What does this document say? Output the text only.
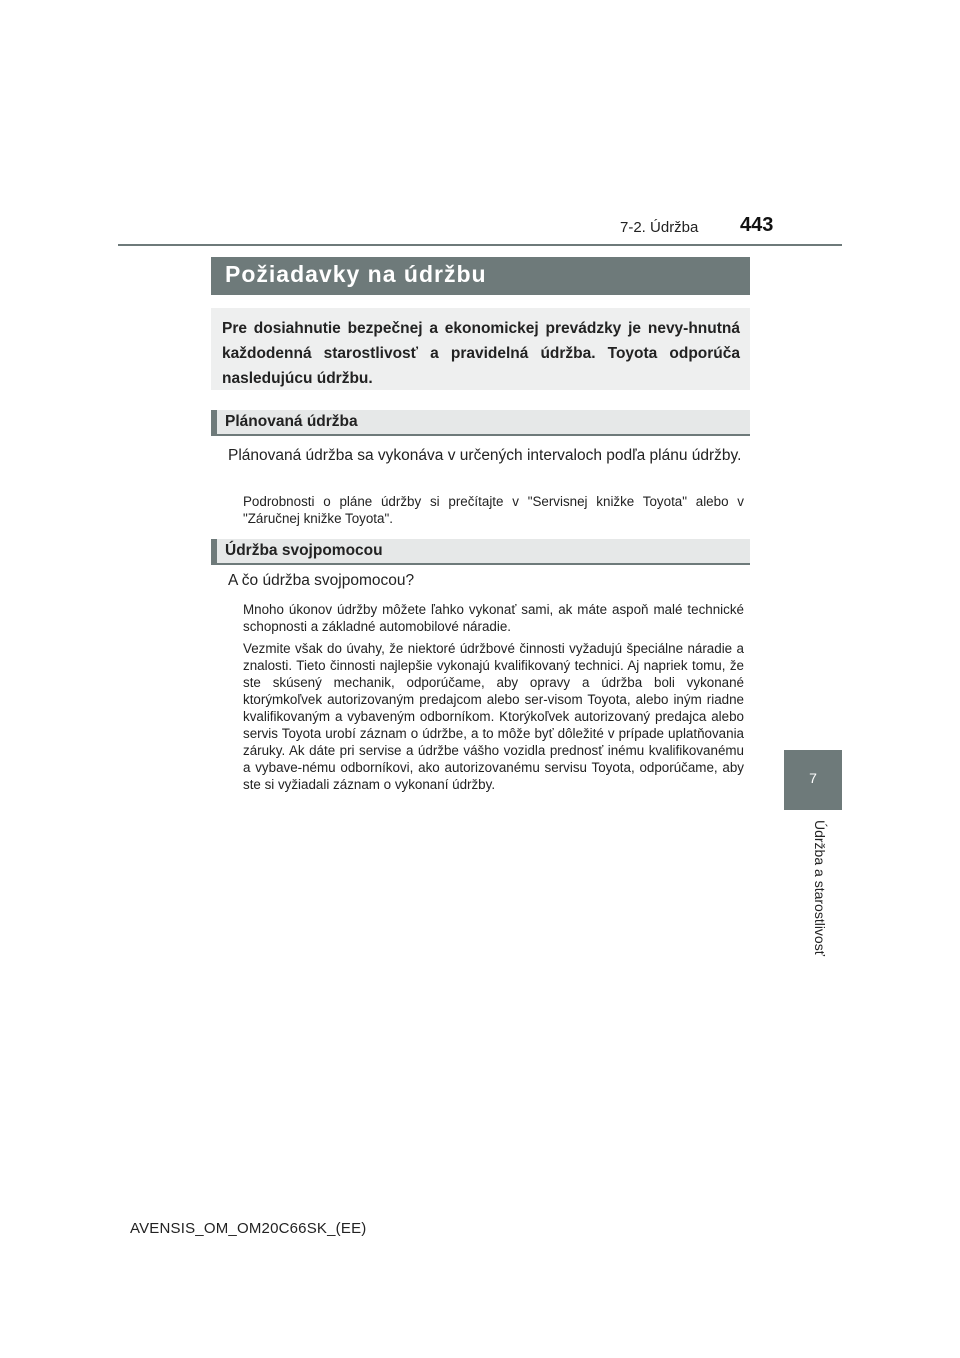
7-2. Údržba 443
7
Údržba a starostlivosť
Požiadavky na údržbu

Pre dosiahnutie bezpečnej a ekonomickej prevádzky je nevy-hnutná každodenná starostlivosť a pravidelná údržba. Toyota odporúča nasledujúcu údržbu.

Plánovaná údržba

Plánovaná údržba sa vykonáva v určených intervaloch podľa plánu údržby.

Podrobnosti o pláne údržby si prečítajte v "Servisnej knižke Toyota" alebo v "Záručnej knižke Toyota".

Údržba svojpomocou

A čo údržba svojpomocou?

Mnoho úkonov údržby môžete ľahko vykonať sami, ak máte aspoň malé technické schopnosti a základné automobilové náradie.

Vezmite však do úvahy, že niektoré údržbové činnosti vyžadujú špeciálne náradie a znalosti. Tieto činnosti najlepšie vykonajú kvalifikovaný technici. Aj napriek tomu, že ste skúsený mechanik, odporúčame, aby opravy a údržba boli vykonané ktorýmkoľvek autorizovaným predajcom alebo ser-visom Toyota, alebo iným riadne kvalifikovaným a vybaveným odborníkom. Ktorýkoľvek autorizovaný predajca alebo servis Toyota urobí záznam o údržbe, a to môže byť dôležité v prípade uplatňovania záruky. Ak dáte pri servise a údržbe vášho vozidla prednosť inému kvalifikovanému a vybave-nému odborníkovi, ako autorizovanému servisu Toyota, odporúčame, aby ste si vyžiadali záznam o vykonaní údržby.

AVENSIS_OM_OM20C66SK_(EE)
